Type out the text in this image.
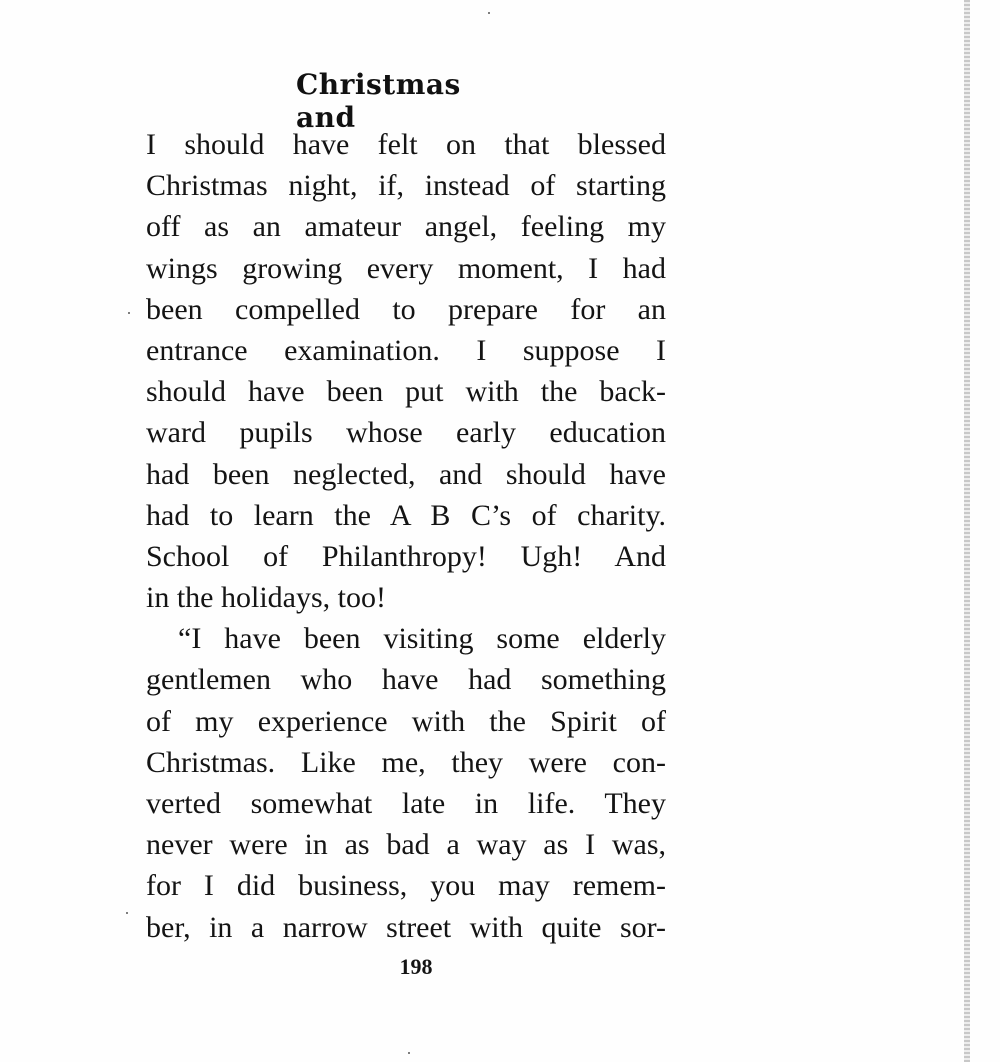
Christmas and
I should have felt on that blessed
Christmas night, if, instead of starting
off as an amateur angel, feeling my
wings growing every moment, I had
been compelled to prepare for an
entrance examination. I suppose I
should have been put with the back-
ward pupils whose early education
had been neglected, and should have
had to learn the A B C’s of charity.
School of Philanthropy! Ugh! And
in the holidays, too!
“I have been visiting some elderly
gentlemen who have had something
of my experience with the Spirit of
Christmas. Like me, they were con-
verted somewhat late in life. They
never were in as bad a way as I was,
for I did business, you may remem-
ber, in a narrow street with quite sor-
198
